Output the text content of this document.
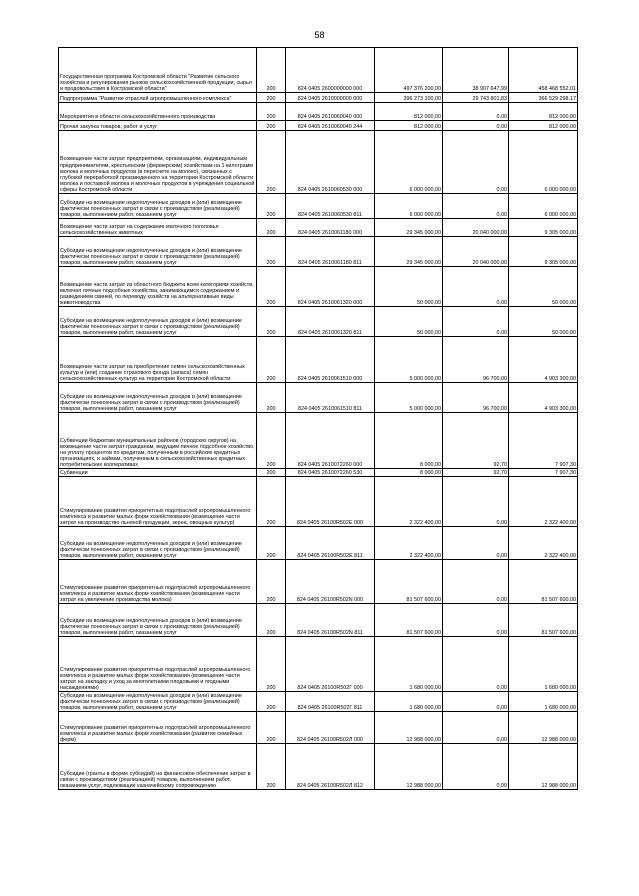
58
Государственная программа Костромской области "Развитие сельского хозяйства и регулирования рынков сельскохозяйственной продукции, сырья и продовольствия в Костромской области"	200	824 0405 2600000000 000	497 376 200,00	38 907 647,99	458 468 552,01
Подпрограмма "Развитие отраслей агропромышленного комплекса"	200	824 0405 2610000000 000	396 273 100,00	29 743 801,83	366 529 298,17
Мероприятия в области сельскохозяйственного производства	200	824 0405 2610060040 000	812 000,00	0,00	812 000,00
Прочая закупка товаров, работ и услуг	200	824 0405 2610060040 244	812 000,00	0,00	812 000,00
Возмещение части затрат предприятиям, организациям, индивидуальным предпринимателям, крестьянским (фермерским) хозяйствам на 1 килограмм молока и молочных продуктов (в пересчете на молоко), связанных с глубокой переработкой произведенного на территории Костромской области молока и поставкой молока и молочных продуктов в учреждения социальной сферы Костромской области	200	824 0405 2610060530 000	6 000 000,00	0,00	6 000 000,00
Субсидии на возмещение недополученных доходов и (или) возмещение фактически понесенных затрат в связи с производством (реализацией) товаров, выполнением работ, оказанием услуг	200	824 0405 2610060530 811	6 000 000,00	0,00	6 000 000,00
Возмещение части затрат на содержание маточного поголовья сельскохозяйственных животных	200	824 0405 2610061180 000	29 345 000,00	20 040 000,00	9 305 000,00
Субсидии на возмещение недополученных доходов и (или) возмещение фактически понесенных затрат в связи с производством (реализацией) товаров, выполнением работ, оказанием услуг	200	824 0405 2610061180 811	29 345 000,00	20 040 000,00	9 305 000,00
Возмещение части затрат из областного бюджета всем категориям хозяйств, включая личные подсобные хозяйства, занимающимся содержанием и разведением свиней, по переводу хозяйств на альтернативные виды животноводства	200	824 0405 2610061320 000	50 000,00	0,00	50 000,00
Субсидии на возмещение недополученных доходов и (или) возмещение фактически понесенных затрат в связи с производством (реализацией) товаров, выполнением работ, оказанием услуг	200	824 0405 2610061320 811	50 000,00	0,00	50 000,00
Возмещение части затрат на приобретение семян сельскохозяйственных культур и (или) создание страхового фонда (запаса) семян сельскохозяйственных культур на территории Костромской области	200	824 0405 2610061510 000	5 000 000,00	96 700,00	4 903 300,00
Субсидии на возмещение недополученных доходов и (или) возмещение фактически понесенных затрат в связи с производством (реализацией) товаров, выполнением работ, оказанием услуг	200	824 0405 2610061510 811	5 000 000,00	96 700,00	4 903 300,00
Субвенции бюджетам муниципальных районов (городских округов) на возмещение части затрат гражданам, ведущим личное подсобное хозяйство, на уплату процентов по кредитам, полученным в российских кредитных организациях, и займам, полученным в сельскохозяйственных кредитных потребительских кооперативах	200	824 0405 2610072260 000	8 000,00	92,70	7 907,30
Субвенции	200	824 0405 2610072260 530	8 000,00	92,70	7 907,30
Стимулирование развития приоритетных подотраслей агропромышленного комплекса и развитие малых форм хозяйствования (возмещение части затрат на производство льняной продукции, зерна, овощных культур)	200	824 0405 26100R502E 000	2 322 400,00	0,00	2 322 400,00
Субсидии на возмещение недополученных доходов и (или) возмещение фактически понесенных затрат в связи с производством (реализацией) товаров, выполнением работ, оказанием услуг	200	824 0405 26100R502E 811	2 322 400,00	0,00	2 322 400,00
Стимулирование развития приоритетных подотраслей агропромышленного комплекса и развитие малых форм хозяйствования (возмещение части затрат на увеличение производства молока)	200	824 0405 26100R502N 000	81 507 600,00	0,00	81 507 600,00
Субсидии на возмещение недополученных доходов и (или) возмещение фактически понесенных затрат в связи с производством (реализацией) товаров, выполнением работ, оказанием услуг	200	824 0405 26100R502N 811	81 507 600,00	0,00	81 507 600,00
Стимулирование развития приоритетных подотраслей агропромышленного комплекса и развитие малых форм хозяйствования (возмещение части затрат на закладку и уход за многолетними плодовыми и ягодными насаждениями)	200	824 0405 26100R502Г 000	1 680 000,00	0,00	1 680 000,00
Субсидии на возмещение недополученных доходов и (или) возмещение фактически понесенных затрат в связи с производством (реализацией) товаров, выполнением работ, оказанием услуг	200	824 0405 26100R502Г 811	1 680 000,00	0,00	1 680 000,00
Стимулирование развития приоритетных подотраслей агропромышленного комплекса и развитие малых форм хозяйствования (развитие семейных ферм)	200	824 0405 26100R502Л 000	12 988 000,00	0,00	12 988 000,00
Субсидии (гранты в форме субсидий) на финансовое обеспечение затрат в связи с производством (реализацией) товаров, выполнением работ, оказанием услуг, подлежащие казначейскому сопровождению	200	824 0405 26100R502Л 812	12 988 000,00	0,00	12 988 000,00
